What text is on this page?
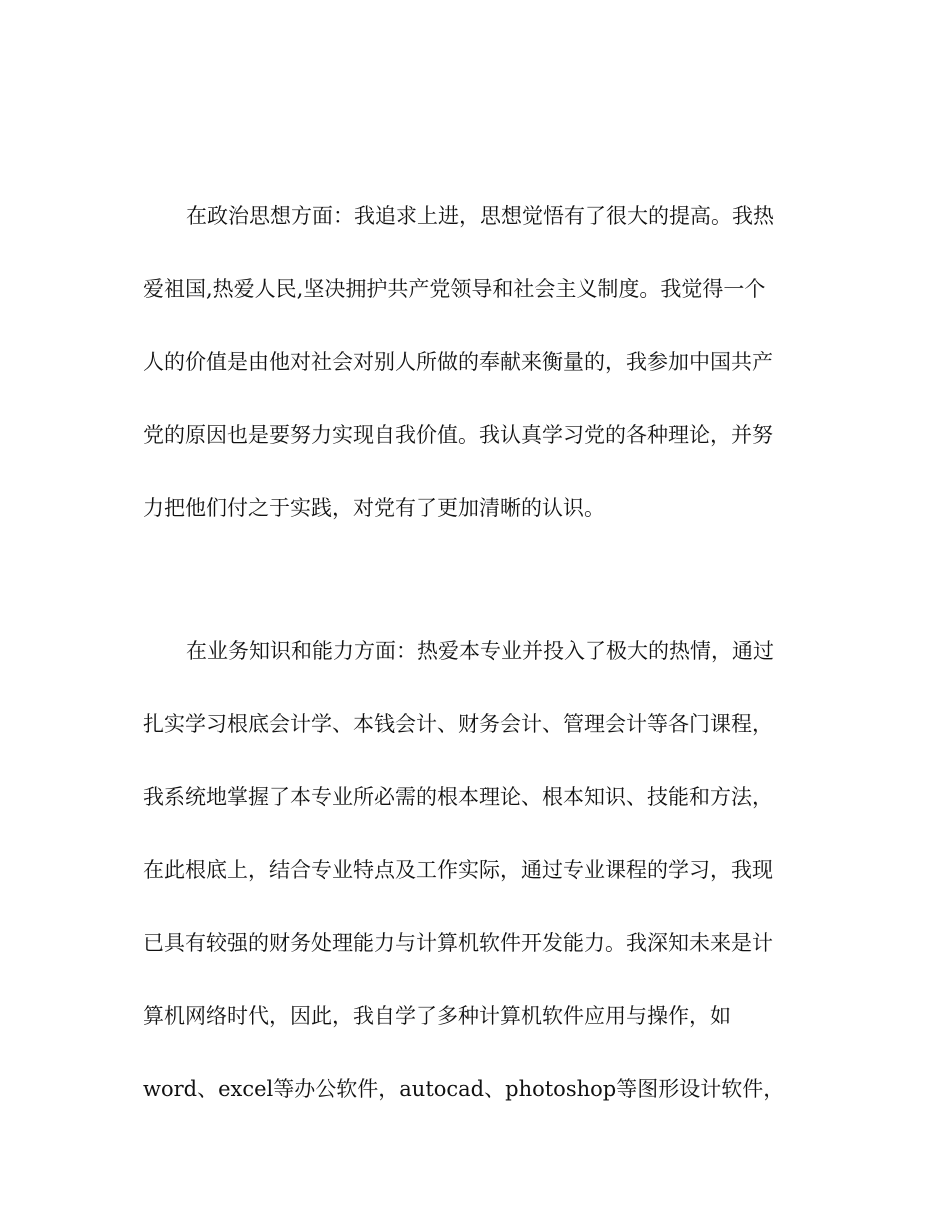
在政治思想方面：我追求上进，思想觉悟有了很大的提高。我热
爱祖国,热爱人民,坚决拥护共产党领导和社会主义制度。我觉得一个
人的价值是由他对社会对别人所做的奉献来衡量的，我参加中国共产
党的原因也是要努力实现自我价值。我认真学习党的各种理论，并努
力把他们付之于实践，对党有了更加清晰的认识。
在业务知识和能力方面：热爱本专业并投入了极大的热情，通过
扎实学习根底会计学、本钱会计、财务会计、管理会计等各门课程，
我系统地掌握了本专业所必需的根本理论、根本知识、技能和方法，
在此根底上，结合专业特点及工作实际，通过专业课程的学习，我现
已具有较强的财务处理能力与计算机软件开发能力。我深知未来是计
算机网络时代，因此，我自学了多种计算机软件应用与操作，如
word、excel等办公软件，autocad、photoshop等图形设计软件，
